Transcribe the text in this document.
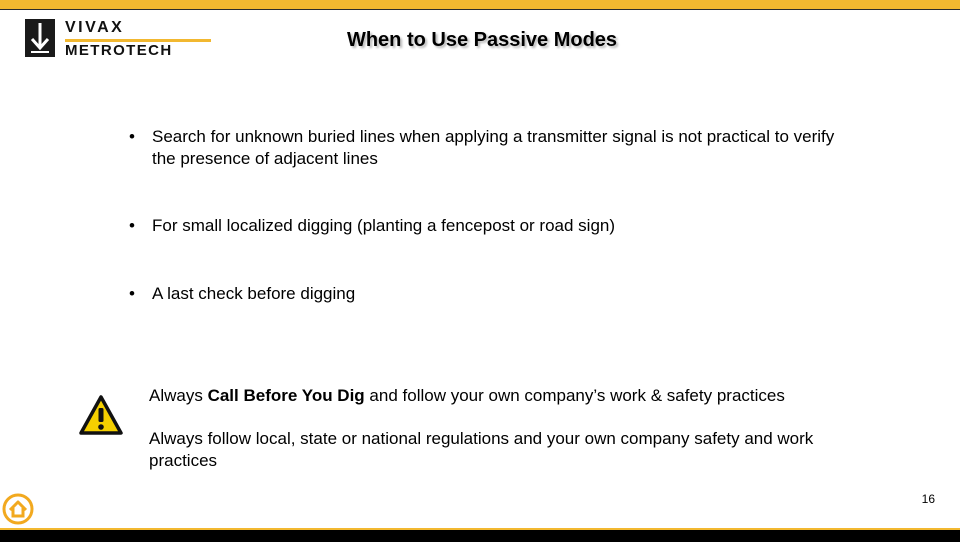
VIVAX
METROTECH	When to Use Passive Modes
• Search for unknown buried lines when applying a transmitter signal is not practical to verify the presence of adjacent lines
• For small localized digging (planting a fencepost or road sign)
• A last check before digging
Always Call Before You Dig and follow your own company’s work & safety practices
Always follow local, state or national regulations and your own company safety and work practices
16
